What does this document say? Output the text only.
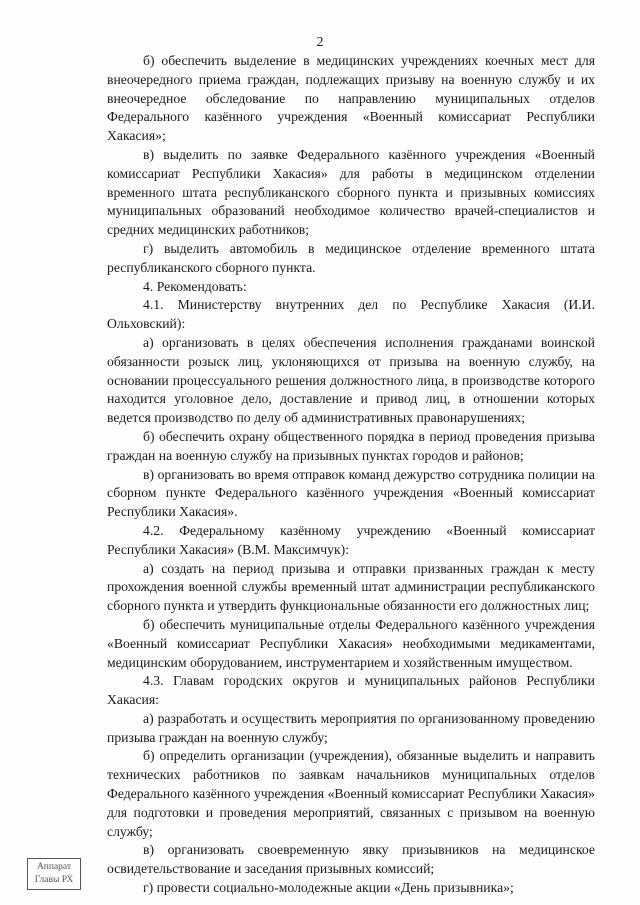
2

б) обеспечить выделение в медицинских учреждениях коечных мест для внеочередного приема граждан, подлежащих призыву на военную службу и их внеочередное обследование по направлению муниципальных отделов Федерального казённого учреждения «Военный комиссариат Республики Хакасия»;

в) выделить по заявке Федерального казённого учреждения «Военный комиссариат Республики Хакасия» для работы в медицинском отделении временного штата республиканского сборного пункта и призывных комиссиях муниципальных образований необходимое количество врачей-специалистов и средних медицинских работников;

г) выделить автомобиль в медицинское отделение временного штата республиканского сборного пункта.

4. Рекомендовать:

4.1. Министерству внутренних дел по Республике Хакасия (И.И. Ольховский):

а) организовать в целях обеспечения исполнения гражданами воинской обязанности розыск лиц, уклоняющихся от призыва на военную службу, на основании процессуального решения должностного лица, в производстве которого находится уголовное дело, доставление и привод лиц, в отношении которых ведется производство по делу об административных правонарушениях;

б) обеспечить охрану общественного порядка в период проведения призыва граждан на военную службу на призывных пунктах городов и районов;

в) организовать во время отправок команд дежурство сотрудника полиции на сборном пункте Федерального казённого учреждения «Военный комиссариат Республики Хакасия».

4.2. Федеральному казённому учреждению «Военный комиссариат Республики Хакасия» (В.М. Максимчук):

а) создать на период призыва и отправки призванных граждан к месту прохождения военной службы временный штат администрации республиканского сборного пункта и утвердить функциональные обязанности его должностных лиц;

б) обеспечить муниципальные отделы Федерального казённого учреждения «Военный комиссариат Республики Хакасия» необходимыми медикаментами, медицинским оборудованием, инструментарием и хозяйственным имуществом.

4.3. Главам городских округов и муниципальных районов Республики Хакасия:

а) разработать и осуществить мероприятия по организованному проведению призыва граждан на военную службу;

б) определить организации (учреждения), обязанные выделить и направить технических работников по заявкам начальников муниципальных отделов Федерального казённого учреждения «Военный комиссариат Республики Хакасия» для подготовки и проведения мероприятий, связанных с призывом на военную службу;

в) организовать своевременную явку призывников на медицинское освидетельствование и заседания призывных комиссий;

г) провести социально-молодежные акции «День призывника»;

Аппарат
Главы РХ
